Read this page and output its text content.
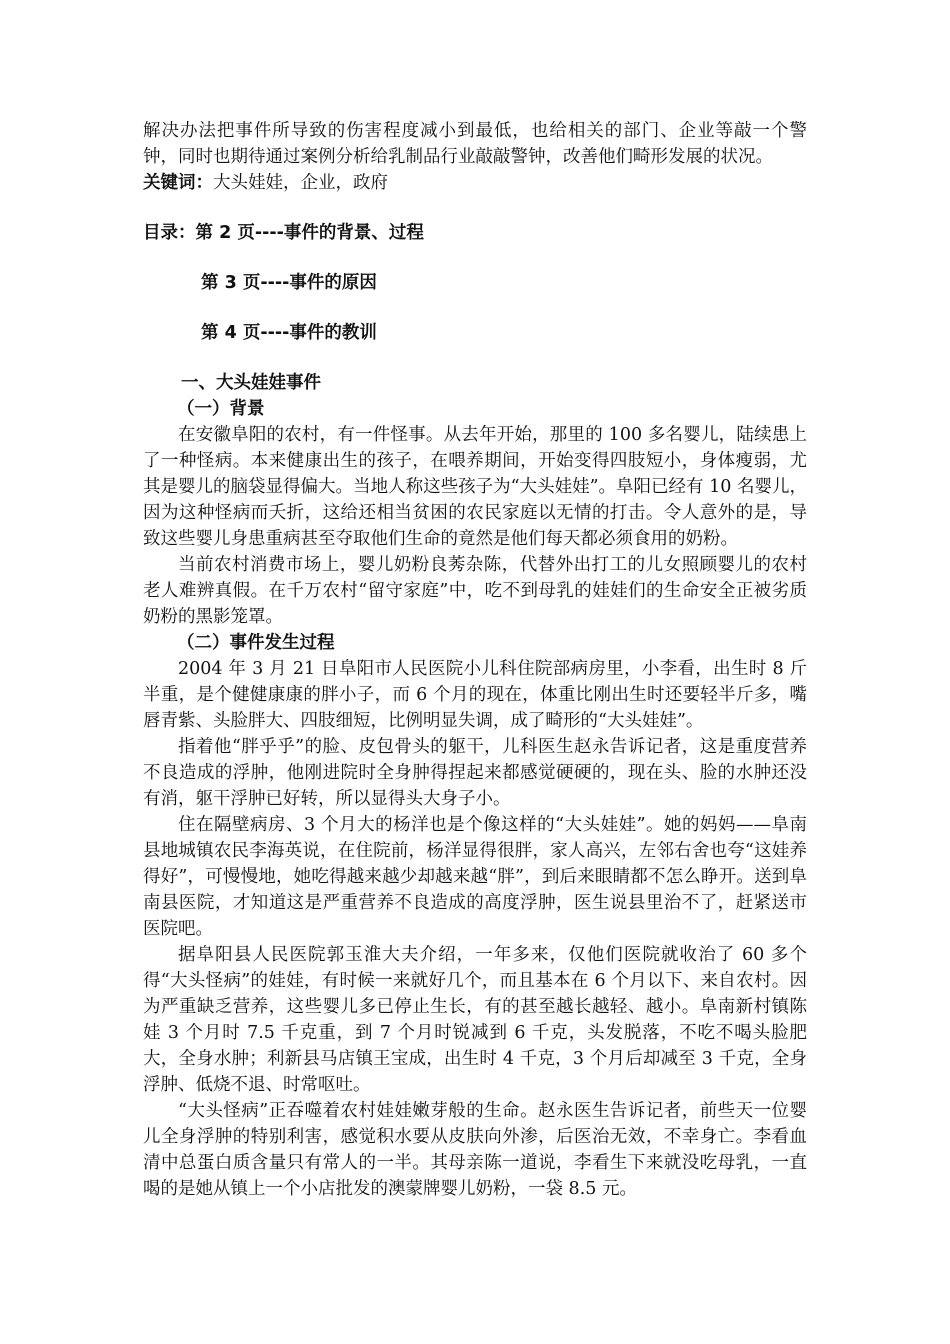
解决办法把事件所导致的伤害程度减小到最低，也给相关的部门、企业等敲一个警钟，同时也期待通过案例分析给乳制品行业敲敲警钟，改善他们畸形发展的状况。

关键词：大头娃娃，企业，政府

目录：第 2 页----事件的背景、过程

第 3 页----事件的原因

第 4 页----事件的教训

一、大头娃娃事件

（一）背景

在安徽阜阳的农村，有一件怪事。从去年开始，那里的 100 多名婴儿，陆续患上了一种怪病。本来健康出生的孩子，在喂养期间，开始变得四肢短小，身体瘦弱，尤其是婴儿的脑袋显得偏大。当地人称这些孩子为“大头娃娃”。阜阳已经有 10 名婴儿，因为这种怪病而夭折，这给还相当贫困的农民家庭以无情的打击。令人意外的是，导致这些婴儿身患重病甚至夺取他们生命的竟然是他们每天都必须食用的奶粉。

当前农村消费市场上，婴儿奶粉良莠杂陈，代替外出打工的儿女照顾婴儿的农村老人难辨真假。在千万农村“留守家庭”中，吃不到母乳的娃娃们的生命安全正被劣质奶粉的黑影笼罩。

（二）事件发生过程

2004 年 3 月 21 日阜阳市人民医院小儿科住院部病房里，小李看，出生时 8 斤半重，是个健健康康的胖小子，而 6 个月的现在，体重比刚出生时还要轻半斤多，嘴唇青紫、头脸胖大、四肢细短，比例明显失调，成了畸形的“大头娃娃”。

指着他“胖乎乎”的脸、皮包骨头的躯干，儿科医生赵永告诉记者，这是重度营养不良造成的浮肿，他刚进院时全身肿得捏起来都感觉硬硬的，现在头、脸的水肿还没有消，躯干浮肿已好转，所以显得头大身子小。

住在隔壁病房、3 个月大的杨洋也是个像这样的“大头娃娃”。她的妈妈——阜南县地城镇农民李海英说，在住院前，杨洋显得很胖，家人高兴，左邻右舍也夸“这娃养得好”，可慢慢地，她吃得越来越少却越来越“胖”，到后来眼睛都不怎么睁开。送到阜南县医院，才知道这是严重营养不良造成的高度浮肿，医生说县里治不了，赶紧送市医院吧。

据阜阳县人民医院郭玉淮大夫介绍，一年多来，仅他们医院就收治了 60 多个得“大头怪病”的娃娃，有时候一来就好几个，而且基本在 6 个月以下、来自农村。因为严重缺乏营养，这些婴儿多已停止生长，有的甚至越长越轻、越小。阜南新村镇陈娃 3 个月时 7.5 千克重，到 7 个月时锐减到 6 千克，头发脱落，不吃不喝头脸肥大，全身水肿；利新县马店镇王宝成，出生时 4 千克，3 个月后却减至 3 千克，全身浮肿、低烧不退、时常呕吐。

“大头怪病”正吞噬着农村娃娃嫩芽般的生命。赵永医生告诉记者，前些天一位婴儿全身浮肿的特别利害，感觉积水要从皮肤向外渗，后医治无效，不幸身亡。李看血清中总蛋白质含量只有常人的一半。其母亲陈一道说，李看生下来就没吃母乳，一直喝的是她从镇上一个小店批发的澳蒙牌婴儿奶粉，一袋 8.5 元。
